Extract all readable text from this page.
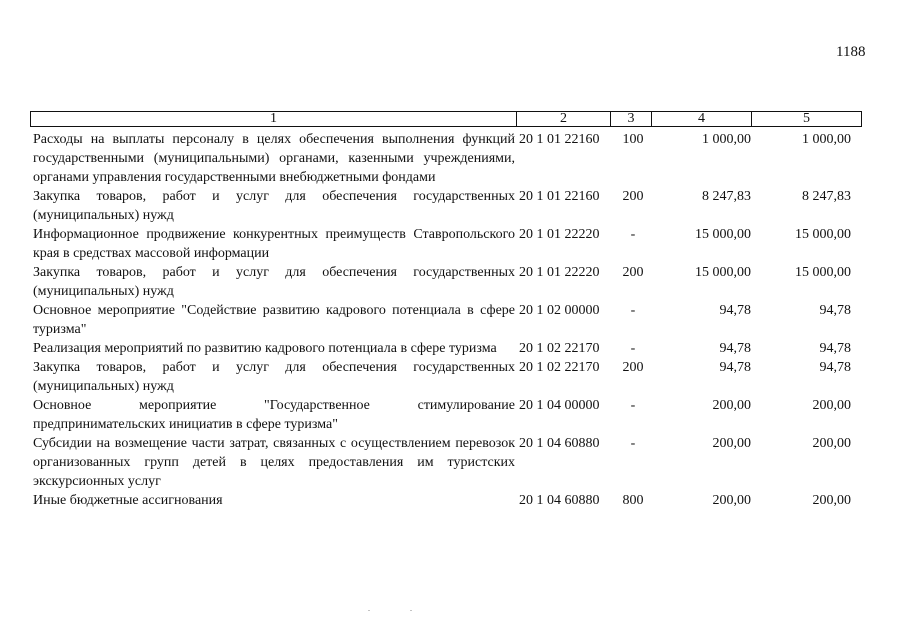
1188
1	2	3	4	5
Расходы на выплаты персоналу в целях обеспечения выполнения функций государственными (муниципальными) органами, казенными учреждениями, органами управления государственными внебюджетными фондами
20 1 01 22160	100	1 000,00	1 000,00
Закупка товаров, работ и услуг для обеспечения государственных (муниципальных) нужд
20 1 01 22160	200	8 247,83	8 247,83
Информационное продвижение конкурентных преимуществ Ставропольского края в средствах массовой информации
20 1 01 22220	-	15 000,00	15 000,00
Закупка товаров, работ и услуг для обеспечения государственных (муниципальных) нужд
20 1 01 22220	200	15 000,00	15 000,00
Основное мероприятие "Содействие развитию кадрового потенциала в сфере туризма"
20 1 02 00000	-	94,78	94,78
Реализация мероприятий по развитию кадрового потенциала в сфере туризма	20 1 02 22170	-	94,78	94,78
Закупка товаров, работ и услуг для обеспечения государственных (муниципальных) нужд
20 1 02 22170	200	94,78	94,78
Основное мероприятие "Государственное стимулирование предпринимательских инициатив в сфере туризма"
20 1 04 00000	-	200,00	200,00
Субсидии на возмещение части затрат, связанных с осуществлением перевозок организованных групп детей в целях предоставления им туристских экскурсионных услуг
20 1 04 60880	-	200,00	200,00
Иные бюджетные ассигнования	20 1 04 60880	800	200,00	200,00
.                    .
